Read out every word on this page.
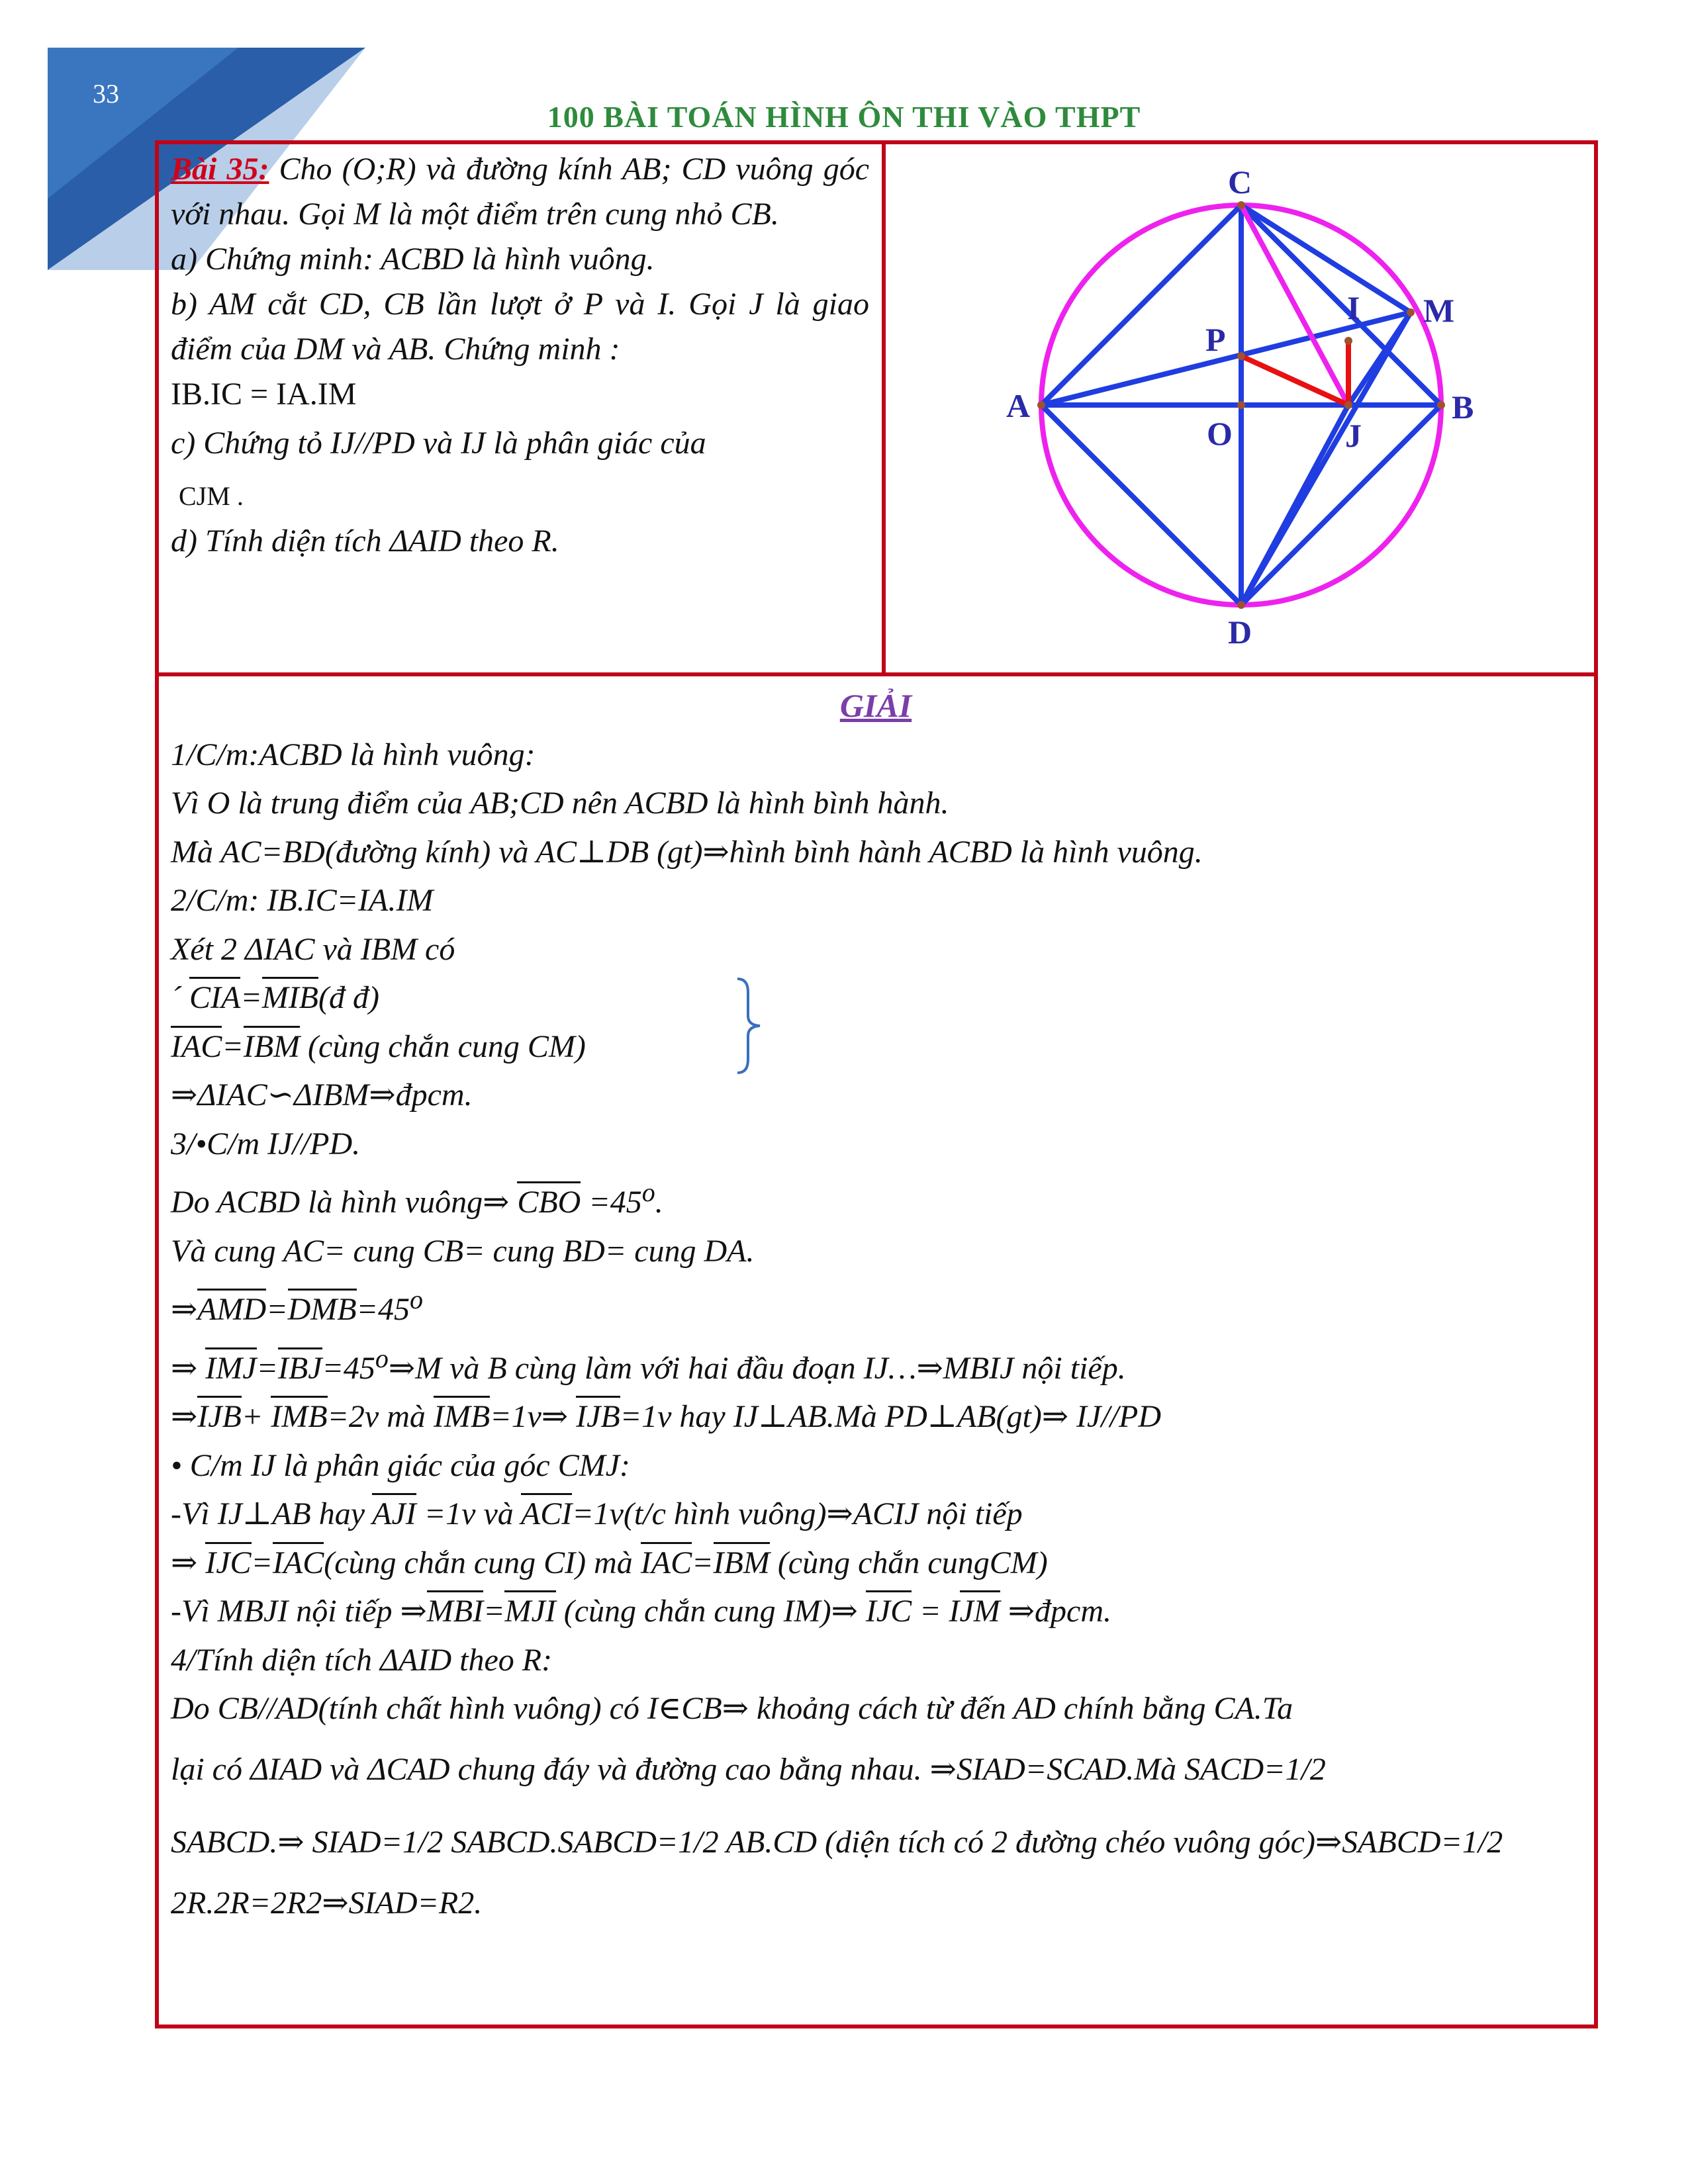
33
100 BÀI TOÁN HÌNH ÔN THI VÀO THPT

Bài 35: Cho (O;R) và đường kính AB; CD vuông góc với nhau. Gọi M là một điểm trên cung nhỏ CB.

a) Chứng minh: ACBD là hình vuông.

b) AM cắt CD, CB lần lượt ở P và I. Gọi J là giao điểm của DM và AB. Chứng minh :

IB.IC = IA.IM

c) Chứng tỏ IJ//PD và IJ là phân giác của

CJM .

d) Tính diện tích ΔAID theo R.

C
I M
P
A	B
O	J
D

GIẢI

1/C/m:ACBD là hình vuông:

Vì O là trung điểm của AB;CD nên ACBD là hình bình hành.

Mà AC=BD(đường kính) và AC⊥DB (gt)⇒hình bình hành ACBD là hình vuông.

2/C/m: IB.IC=IA.IM

Xét 2 ΔIAC và IBM có

´ CIA=MIB(đ đ)

IAC=IBM (cùng chắn cung CM)

⇒ΔIAC∽ΔIBM⇒đpcm.

3/•C/m IJ//PD.

Do ACBD là hình vuông⇒ CBO $=45^o$.

Và cung AC= cung CB= cung BD= cung DA.

$\Rightarrow AMD=DMB=45^o$

⇒ $IMJ=IBJ=45^o\Rightarrow M$ và B cùng làm với hai đầu đoạn IJ…⇒MBIJ nội tiếp.

⇒IJB+ IMB=2v mà IMB=1v⇒ IJB=1v hay IJ⊥AB.Mà PD⊥AB(gt)⇒ IJ//PD

• C/m IJ là phân giác của góc CMJ:

-Vì IJ⊥AB hay AJI =1v và ACI=1v(t/c hình vuông)⇒ACIJ nội tiếp

⇒ IJC=IAC(cùng chắn cung CI) mà IAC=IBM (cùng chắn cungCM)

-Vì MBJI nội tiếp ⇒MBI=MJI (cùng chắn cung IM)⇒ IJC = IJM ⇒đpcm.

4/Tính diện tích ΔAID theo R:

Do CB//AD(tính chất hình vuông) có I∈CB⇒ khoảng cách từ đến AD chính bằng CA.Ta

lại có ΔIAD và ΔCAD chung đáy và đường cao bằng nhau. ⇒SIAD=SCAD.Mà SACD=1/2

SABCD.⇒ SIAD=1/2 SABCD.SABCD=1/2 AB.CD (diện tích có 2 đường chéo vuông góc)⇒SABCD=1/2

2R.2R=2R2⇒SIAD=R2.
